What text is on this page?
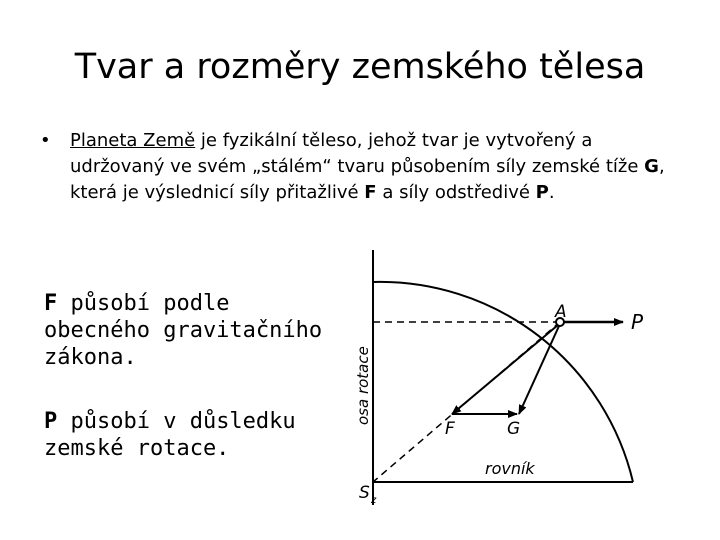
Tvar a rozměry zemského tělesa
• Planeta Země je fyzikální těleso, jehož tvar je vytvořený a udržovaný ve svém „stálém“ tvaru působením síly zemské tíže G, která je výslednicí síly přitažlivé F a síly odstředivé P.
F působí podle obecného gravitačního zákona.
P působí v důsledku zemské rotace.
A	P
F	G
osa rotace
rovník
S z
